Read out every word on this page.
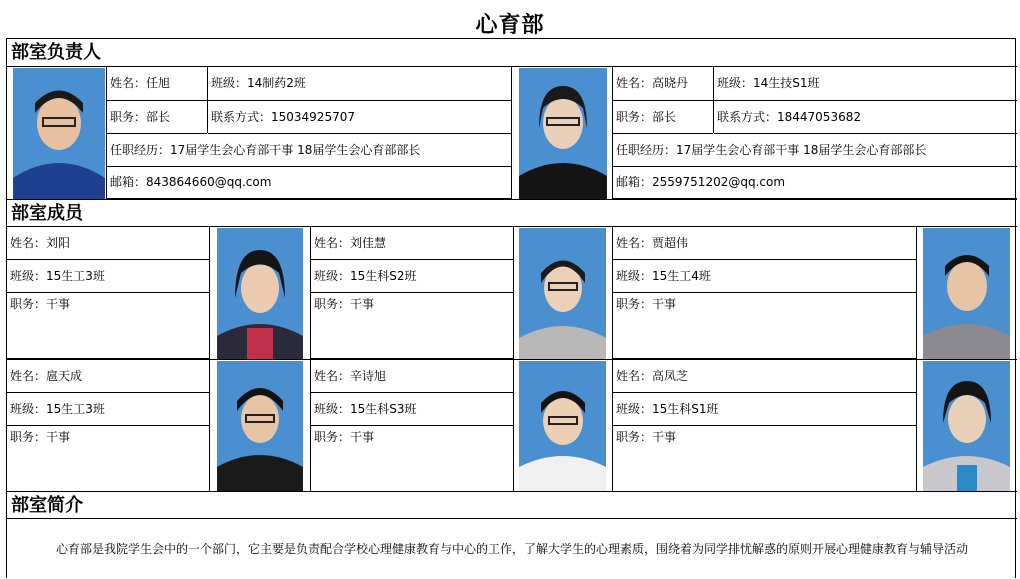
心育部
部室负责人
姓名：任旭	班级：14制药2班
职务：部长	联系方式：15034925707
任职经历：17届学生会心育部干事 18届学生会心育部部长
邮箱：843864660@qq.com
姓名：高晓丹	班级：14生技S1班
职务：部长	联系方式：18447053682
任职经历：17届学生会心育部干事 18届学生会心育部部长
邮箱：2559751202@qq.com
部室成员
姓名：刘阳
班级：15生工3班
职务：干事
姓名：刘佳慧
班级：15生科S2班
职务：干事
姓名：贾超伟
班级：15生工4班
职务：干事
姓名：扈天成
班级：15生工3班
职务：干事
姓名：辛诗旭
班级：15生科S3班
职务：干事
姓名：高凤芝
班级：15生科S1班
职务：干事
部室简介
心育部是我院学生会中的一个部门，它主要是负责配合学校心理健康教育与中心的工作，了解大学生的心理素质，围绕着为同学排忧解惑的原则开展心理健康教育与辅导活动
